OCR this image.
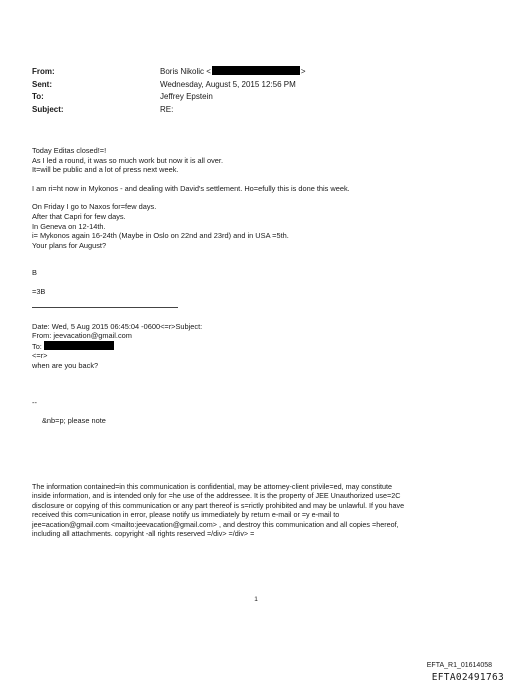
From:	Boris Nikolic <	>
Sent:	Wednesday, August 5, 2015 12:56 PM
To:	Jeffrey Epstein
Subject:	RE:

Today Editas closed!=!

As I led a round, it was so much work but now it is all over.

It=will be public and a lot of press next week.

I am ri=ht now in Mykonos - and dealing with David's settlement. Ho=efully this is done this week.

On Friday I go to Naxos for=few days.

After that Capri for few days.

In Geneva on 12-14th.

i= Mykonos again 16-24th (Maybe in Oslo on 22nd and 23rd) and in USA =5th.

Your plans for August?

B

=3B

Date: Wed, 5 Aug 2015 06:45:04 -0600<=r>Subject:

From: jeevacation@gmail.com

To:

<=r>

when are you back?

--

&nb=p; please note

The information contained=in this communication is confidential, may be attorney-client privile=ed, may constitute

inside information, and is intended only for =he use of the addressee. It is the property of JEE Unauthorized use=2C

disclosure or copying of this communication or any part thereof is s=rictly prohibited and may be unlawful. If you have

received this com=unication in error, please notify us immediately by return e-mail or =y e-mail to

jee=acation@gmail.com <mailto:jeevacation@gmail.com> , and destroy this communication and all copies =hereof,

including all attachments. copyright -all rights reserved =/div> =/div> =

1
EFTA_R1_01614058
EFTA02491763
